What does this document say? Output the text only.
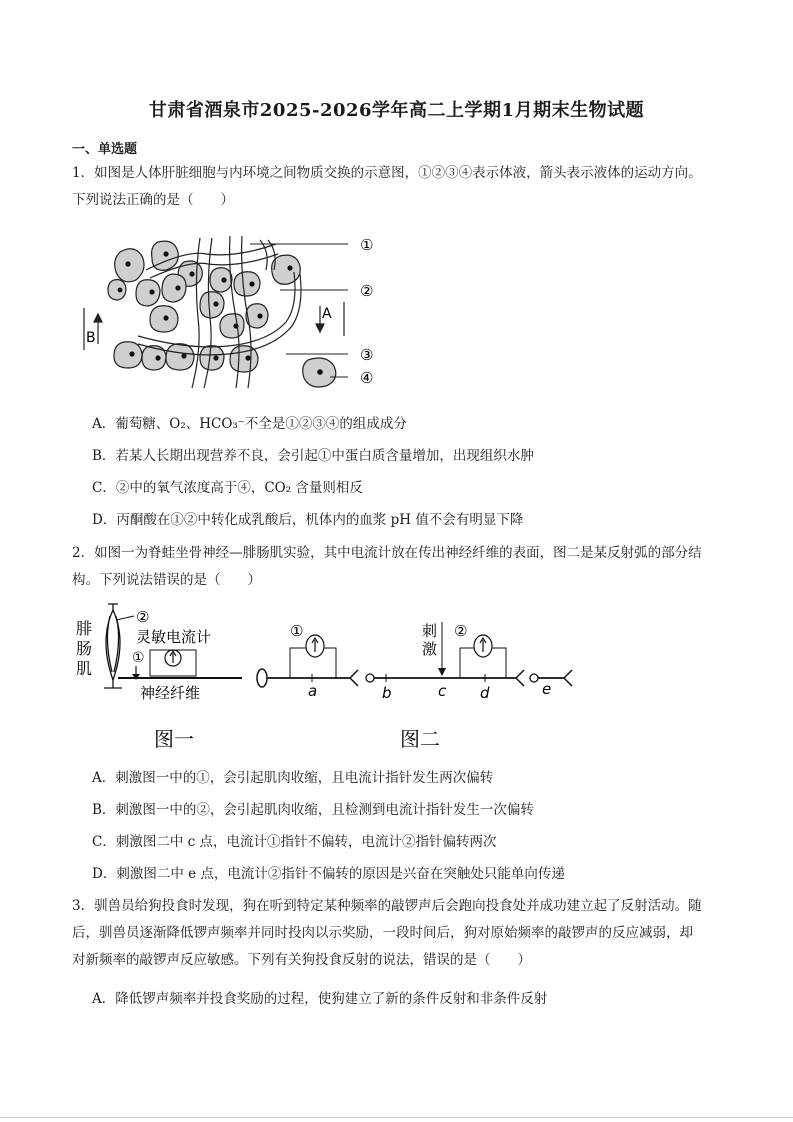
甘肃省酒泉市2025-2026学年高二上学期1月期末生物试题
一、单选题
1．如图是人体肝脏细胞与内环境之间物质交换的示意图，①②③④表示体液，箭头表示液体的运动方向。
下列说法正确的是（　　）
①
②
③
④
A
B
A．葡萄糖、O₂、HCO₃⁻不全是①②③④的组成成分
B．若某人长期出现营养不良，会引起①中蛋白质含量增加，出现组织水肿
C．②中的氧气浓度高于④，CO₂ 含量则相反
D．丙酮酸在①②中转化成乳酸后，机体内的血浆 pH 值不会有明显下降
2．如图一为脊蛙坐骨神经—腓肠肌实验，其中电流计放在传出神经纤维的表面，图二是某反射弧的部分结
构。下列说法错误的是（　　）
腓
肠
肌
②
灵敏电流计
①
神经纤维
①
a	b
刺
激
c
②
d	e
图一	图二
A．刺激图一中的①，会引起肌肉收缩，且电流计指针发生两次偏转
B．刺激图一中的②，会引起肌肉收缩，且检测到电流计指针发生一次偏转
C．刺激图二中 c 点，电流计①指针不偏转，电流计②指针偏转两次
D．刺激图二中 e 点，电流计②指针不偏转的原因是兴奋在突触处只能单向传递
3．驯兽员给狗投食时发现，狗在听到特定某种频率的敲锣声后会跑向投食处并成功建立起了反射活动。随
后，驯兽员逐渐降低锣声频率并同时投肉以示奖励，一段时间后，狗对原始频率的敲锣声的反应减弱，却
对新频率的敲锣声反应敏感。下列有关狗投食反射的说法，错误的是（　　）
A．降低锣声频率并投食奖励的过程，使狗建立了新的条件反射和非条件反射
